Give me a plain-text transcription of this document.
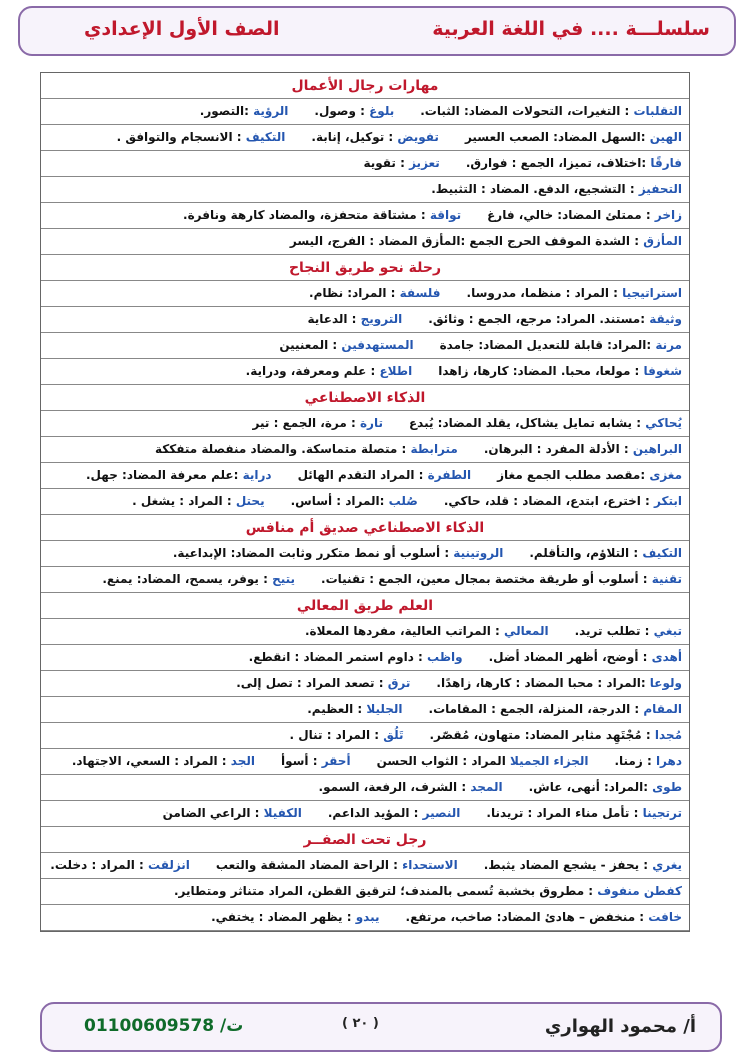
سلسلـــة .... في اللغة العربية
الصف الأول الإعدادي
مهارات رجال الأعمال
التقلبات : التغيرات، التحولات المضاد: الثبات.بلوغ : وصول.الرؤية :التصور.
الهين :السهل المضاد: الصعب العسيرتفويض : توكيل، إنابة.التكيف : الانسجام والتوافق .
فارقًا :اختلاف، تميزا، الجمع : فوارق.تعزيز : تقوية
التحفيز : التشجيع، الدفع. المضاد : التثبيط.
زاخر : ممتلئ المضاد: خالي، فارغتواقة : مشتاقة متحفزة، والمضاد كارهة ونافرة.
المأزق : الشدة الموقف الحرج الجمع :المأزق المضاد : الفرج، اليسر
رحلة نحو طريق النجاح
استراتيجيا : المراد : منظما، مدروسا.فلسفة : المراد: نظام.
وثيقة :مستند. المراد: مرجع، الجمع : وثائق.الترويج : الدعاية
مرنة :المراد: قابلة للتعديل المضاد: جامدةالمستهدفين : المعنيين
شغوفا : مولعا، محبا. المضاد: كارها، زاهدااطلاع : علم ومعرفة، ودراية.
الذكاء الاصطناعي
يُحاكي : يشابه تمايل يشاكل، يقلد المضاد: يُبدعتارة : مرة، الجمع : تير
البراهين : الأدلة المفرد : البرهان.مترابطة : متصلة متماسكة. والمضاد منفصلة متفككة
مغزى :مقصد مطلب الجمع مغازالطفرة : المراد التقدم الهائلدراية :علم معرفة المضاد: جهل.
ابتكر : اخترع، ابتدع، المضاد : قلد، حاكي.صُلب :المراد : أساس.يحتل : المراد : يشغل .
الذكاء الاصطناعي صديق أم منافس
التكيف : التلاؤم، والتأقلم.الروتينية : أسلوب أو نمط متكرر وثابت المضاد: الإبداعية.
تقنية : أسلوب أو طريقة مختصة بمجال معين، الجمع : تقنيات.يتيح : يوفر، يسمح، المضاد: يمنع.
العلم طريق المعالي
تبغي : تطلب تريد.المعالي : المراتب العالية، مفردها المعلاة.
أهدى : أوضح، أظهر المضاد أضل.واظب : داوم استمر المضاد : انقطع.
ولوعا :المراد : محبا المضاد : كارها، زاهدًا.ترق : تصعد المراد : تصل إلى.
المقام : الدرجة، المنزلة، الجمع : المقامات.الجليلا : العظيم.
مُجدا : مُجْتَهِد مثابر المضاد: متهاون، مُقصّر.تَلُق : المراد : تنال .
دهرا : زمنا.الجزاء الجميلا المراد : الثواب الحسنأحقر : أسوأالجد : المراد : السعي، الاجتهاد.
طوى :المراد: أنهى، عاش.المجد : الشرف، الرفعة، السمو.
ترتجينا : تأمل مناء المراد : تريدنا.النصير : المؤيد الداعم.الكفيلا : الراعي الضامن
رجل تحت الصفــر
يغري : يحفز - يشجع المضاد يثبط.الاستحداء : الراحة المضاد المشقة والتعبانزلقت : المراد : دخلت.
كفطن منفوف : مطروق بخشبة تُسمى بالمندف؛ لترقيق القطن، المراد متناثر ومتطاير.
خافت : منخفض – هادئ المضاد: صاخب، مرتفع.يبدو : يظهر المضاد : يختفي.
أ/ محمود الهواري
( ٢٠ )
ت/ 01100609578
